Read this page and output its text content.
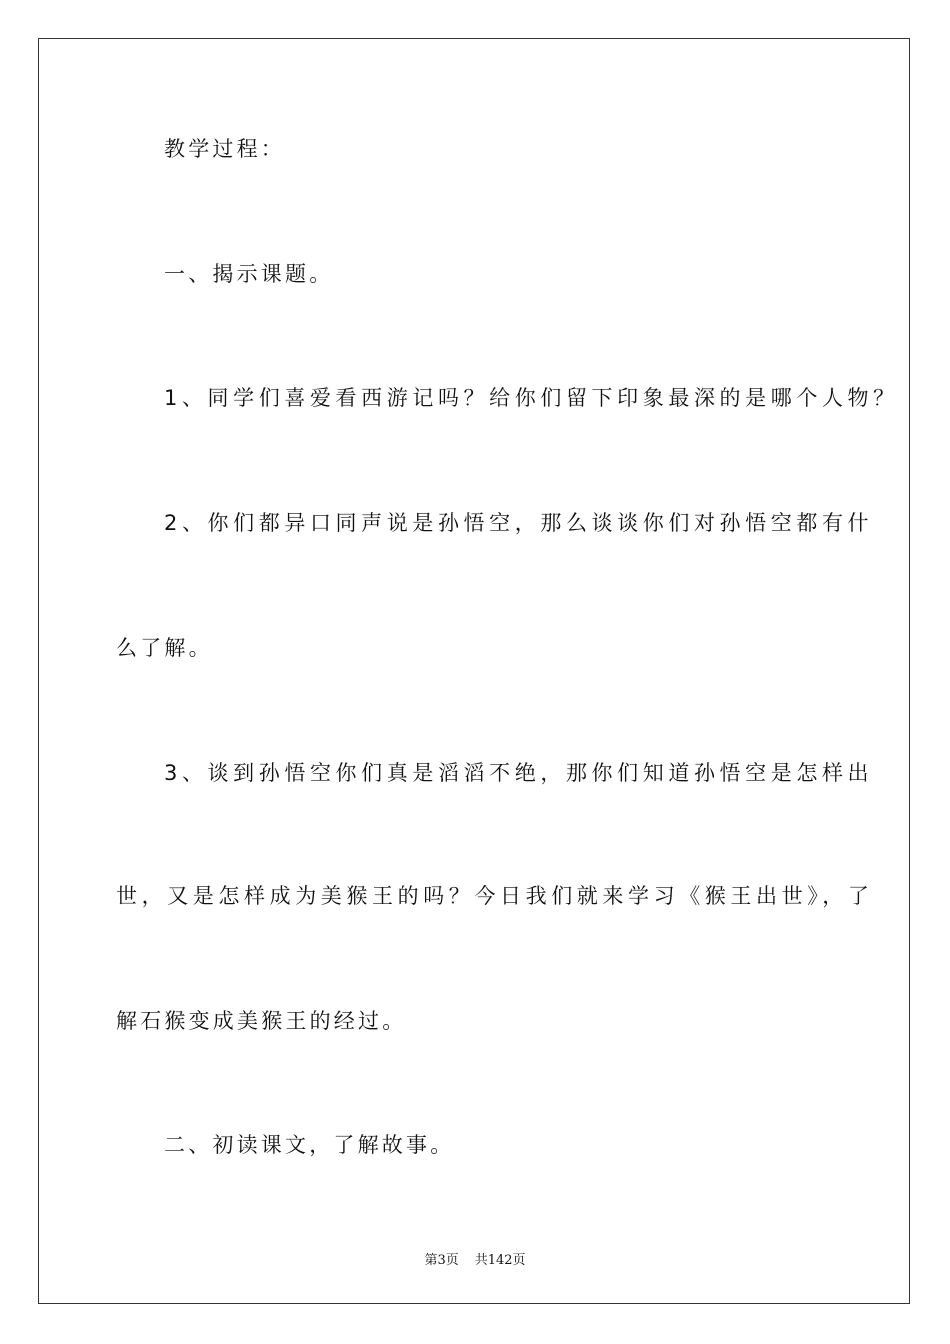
教学过程：
一、揭示课题。
1、同学们喜爱看西游记吗？给你们留下印象最深的是哪个人物？
2、你们都异口同声说是孙悟空，那么谈谈你们对孙悟空都有什
么了解。
3、谈到孙悟空你们真是滔滔不绝，那你们知道孙悟空是怎样出
世，又是怎样成为美猴王的吗？今日我们就来学习《猴王出世》，了
解石猴变成美猴王的经过。
二、初读课文，了解故事。
第3页 共142页
